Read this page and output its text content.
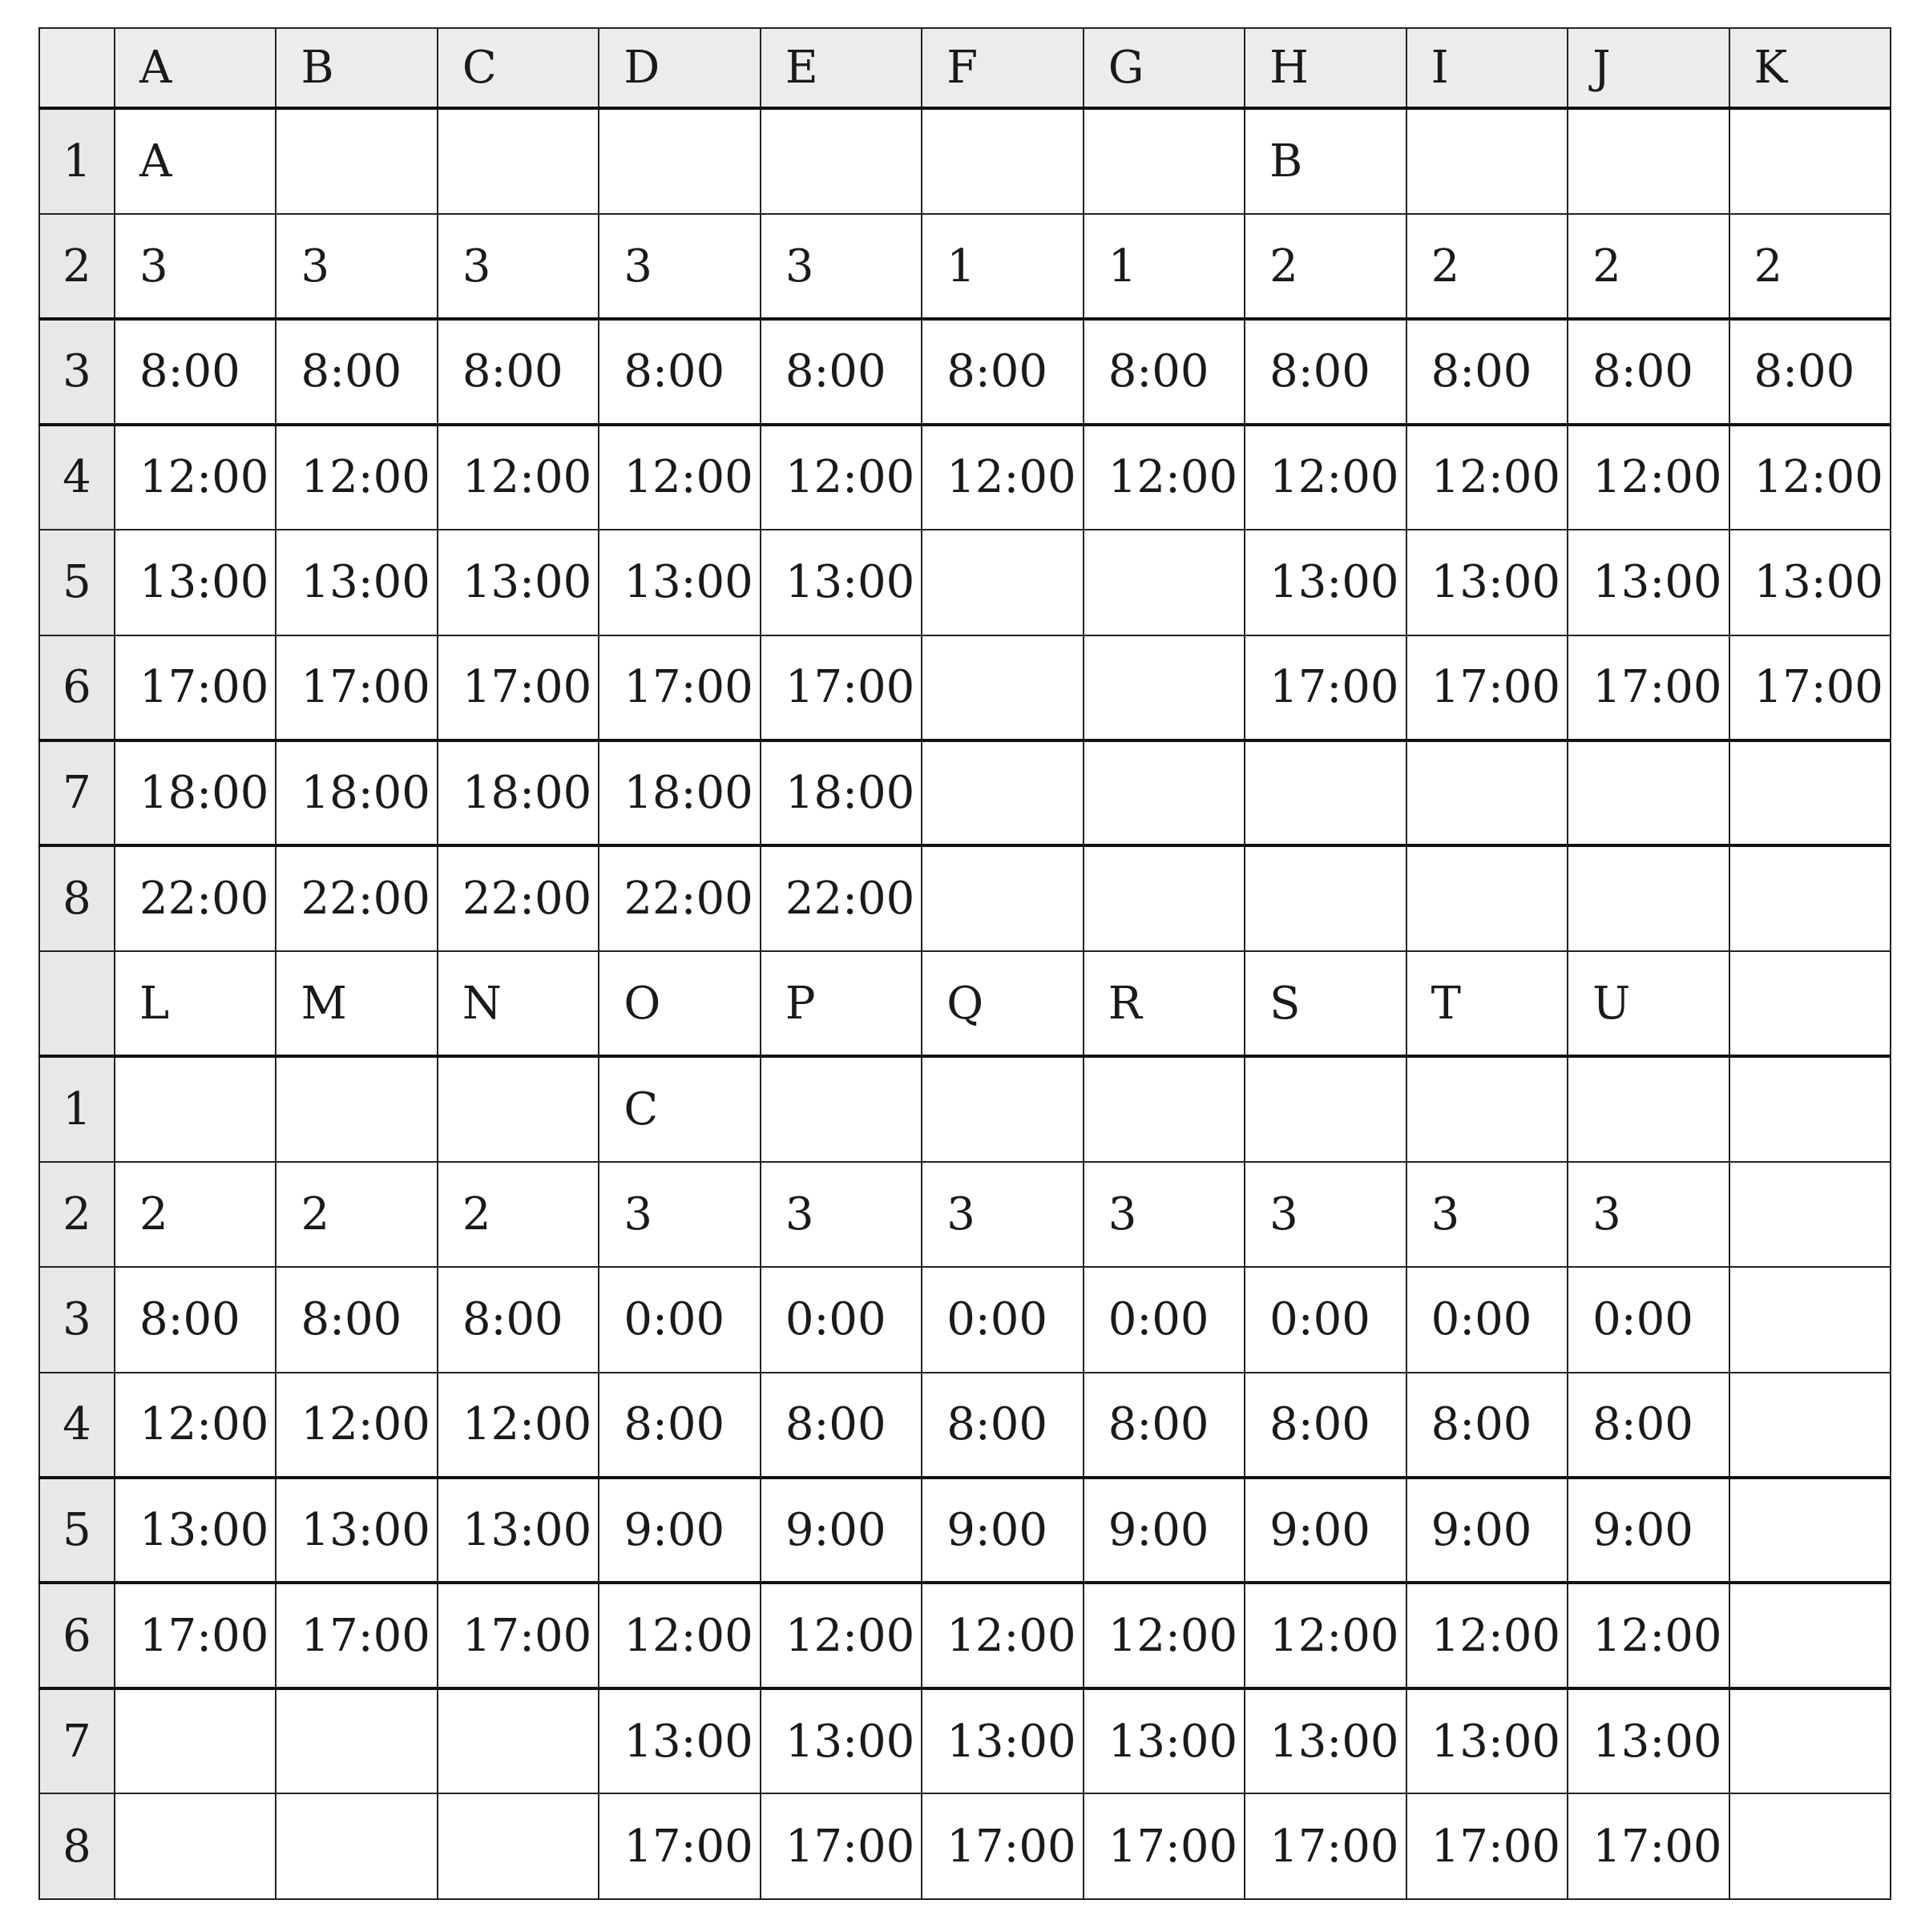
	A	B	C	D	E	F	G	H	I	J	K
1	A							B			
2	3	3	3	3	3	1	1	2	2	2	2
3	8:00	8:00	8:00	8:00	8:00	8:00	8:00	8:00	8:00	8:00	8:00
4	12:00	12:00	12:00	12:00	12:00	12:00	12:00	12:00	12:00	12:00	12:00
5	13:00	13:00	13:00	13:00	13:00			13:00	13:00	13:00	13:00
6	17:00	17:00	17:00	17:00	17:00			17:00	17:00	17:00	17:00
7	18:00	18:00	18:00	18:00	18:00						
8	22:00	22:00	22:00	22:00	22:00						
	L	M	N	O	P	Q	R	S	T	U	
1				C							
2	2	2	2	3	3	3	3	3	3	3	
3	8:00	8:00	8:00	0:00	0:00	0:00	0:00	0:00	0:00	0:00	
4	12:00	12:00	12:00	8:00	8:00	8:00	8:00	8:00	8:00	8:00	
5	13:00	13:00	13:00	9:00	9:00	9:00	9:00	9:00	9:00	9:00	
6	17:00	17:00	17:00	12:00	12:00	12:00	12:00	12:00	12:00	12:00	
7				13:00	13:00	13:00	13:00	13:00	13:00	13:00	
8				17:00	17:00	17:00	17:00	17:00	17:00	17:00	
